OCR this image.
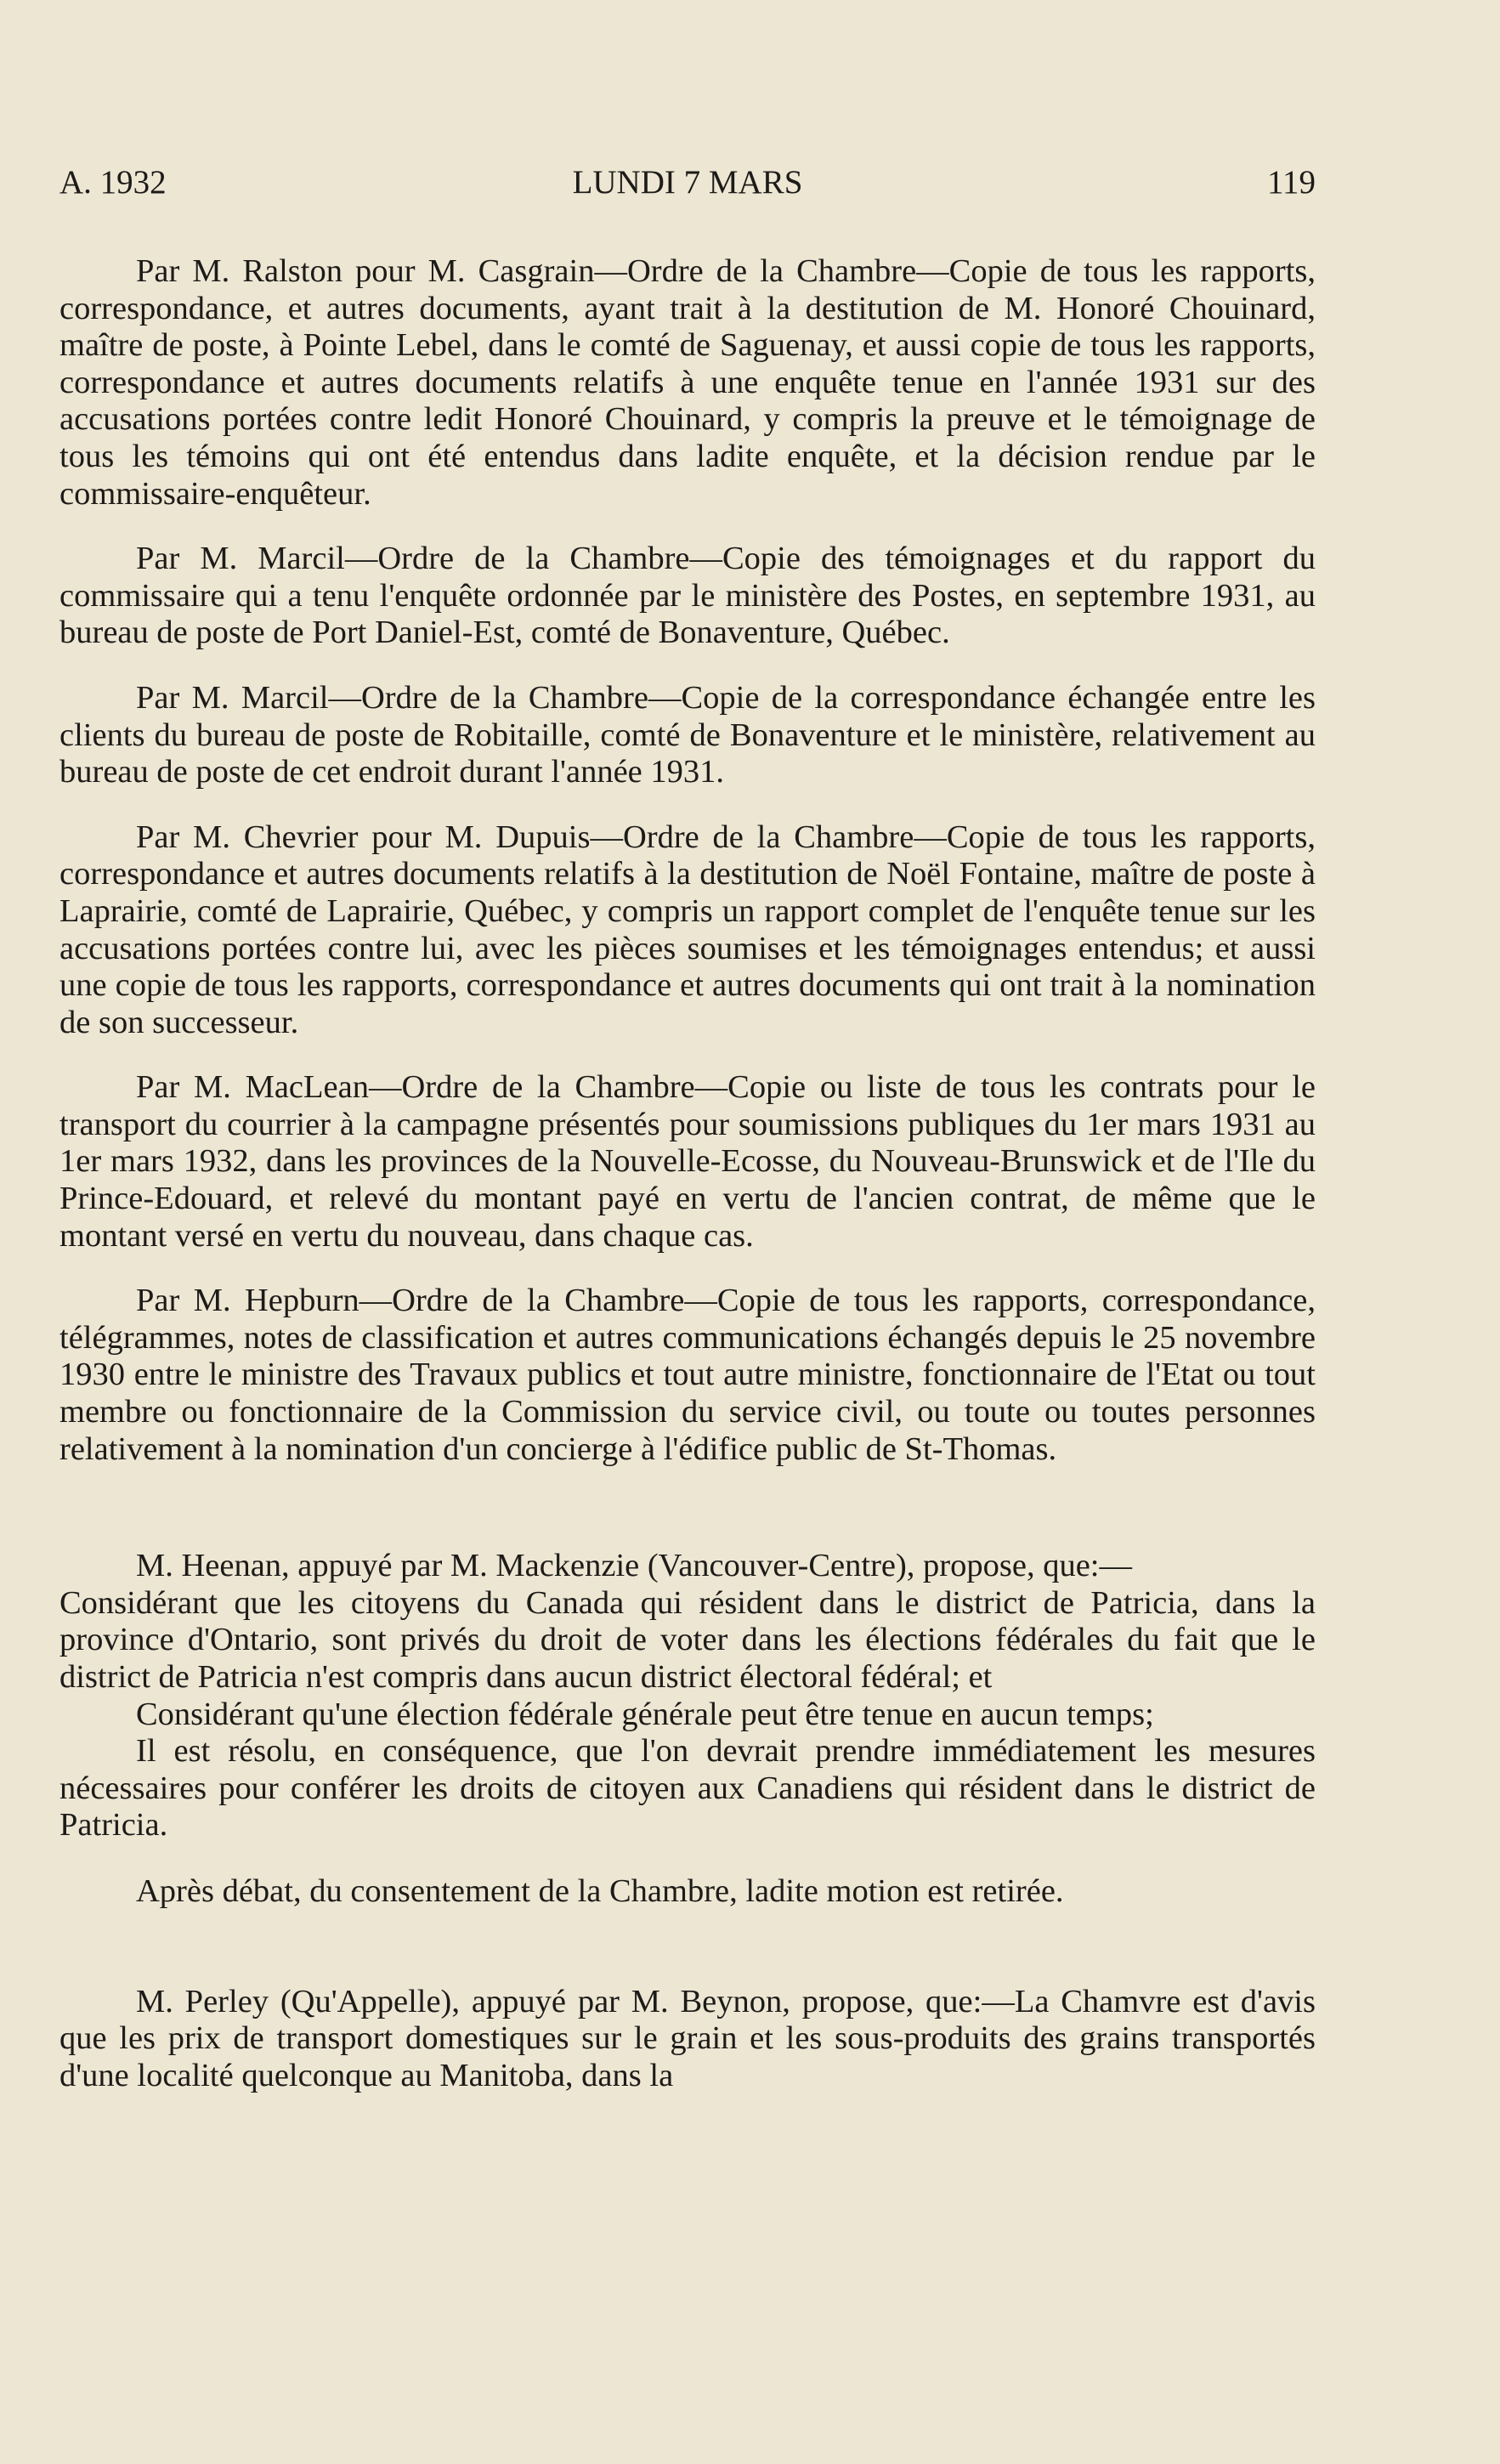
A. 1932	LUNDI 7 MARS	119

Par M. Ralston pour M. Casgrain—Ordre de la Chambre—Copie de tous les rapports, correspondance, et autres documents, ayant trait à la destitution de M. Honoré Chouinard, maître de poste, à Pointe Lebel, dans le comté de Saguenay, et aussi copie de tous les rapports, correspondance et autres documents relatifs à une enquête tenue en l'année 1931 sur des accusations portées contre ledit Honoré Chouinard, y compris la preuve et le témoignage de tous les témoins qui ont été entendus dans ladite enquête, et la décision rendue par le commissaire-enquêteur.

Par M. Marcil—Ordre de la Chambre—Copie des témoignages et du rapport du commissaire qui a tenu l'enquête ordonnée par le ministère des Postes, en septembre 1931, au bureau de poste de Port Daniel-Est, comté de Bonaventure, Québec.

Par M. Marcil—Ordre de la Chambre—Copie de la correspondance échangée entre les clients du bureau de poste de Robitaille, comté de Bonaventure et le ministère, relativement au bureau de poste de cet endroit durant l'année 1931.

Par M. Chevrier pour M. Dupuis—Ordre de la Chambre—Copie de tous les rapports, correspondance et autres documents relatifs à la destitution de Noël Fontaine, maître de poste à Laprairie, comté de Laprairie, Québec, y compris un rapport complet de l'enquête tenue sur les accusations portées contre lui, avec les pièces soumises et les témoignages entendus; et aussi une copie de tous les rapports, correspondance et autres documents qui ont trait à la nomination de son successeur.

Par M. MacLean—Ordre de la Chambre—Copie ou liste de tous les contrats pour le transport du courrier à la campagne présentés pour soumissions publiques du 1er mars 1931 au 1er mars 1932, dans les provinces de la Nouvelle-Ecosse, du Nouveau-Brunswick et de l'Ile du Prince-Edouard, et relevé du montant payé en vertu de l'ancien contrat, de même que le montant versé en vertu du nouveau, dans chaque cas.

Par M. Hepburn—Ordre de la Chambre—Copie de tous les rapports, correspondance, télégrammes, notes de classification et autres communications échangés depuis le 25 novembre 1930 entre le ministre des Travaux publics et tout autre ministre, fonctionnaire de l'Etat ou tout membre ou fonctionnaire de la Commission du service civil, ou toute ou toutes personnes relativement à la nomination d'un concierge à l'édifice public de St-Thomas.

M. Heenan, appuyé par M. Mackenzie (Vancouver-Centre), propose, que:—

Considérant que les citoyens du Canada qui résident dans le district de Patricia, dans la province d'Ontario, sont privés du droit de voter dans les élections fédérales du fait que le district de Patricia n'est compris dans aucun district électoral fédéral; et

Considérant qu'une élection fédérale générale peut être tenue en aucun temps;

Il est résolu, en conséquence, que l'on devrait prendre immédiatement les mesures nécessaires pour conférer les droits de citoyen aux Canadiens qui résident dans le district de Patricia.

Après débat, du consentement de la Chambre, ladite motion est retirée.

M. Perley (Qu'Appelle), appuyé par M. Beynon, propose, que:—La Chamvre est d'avis que les prix de transport domestiques sur le grain et les sous-produits des grains transportés d'une localité quelconque au Manitoba, dans la
